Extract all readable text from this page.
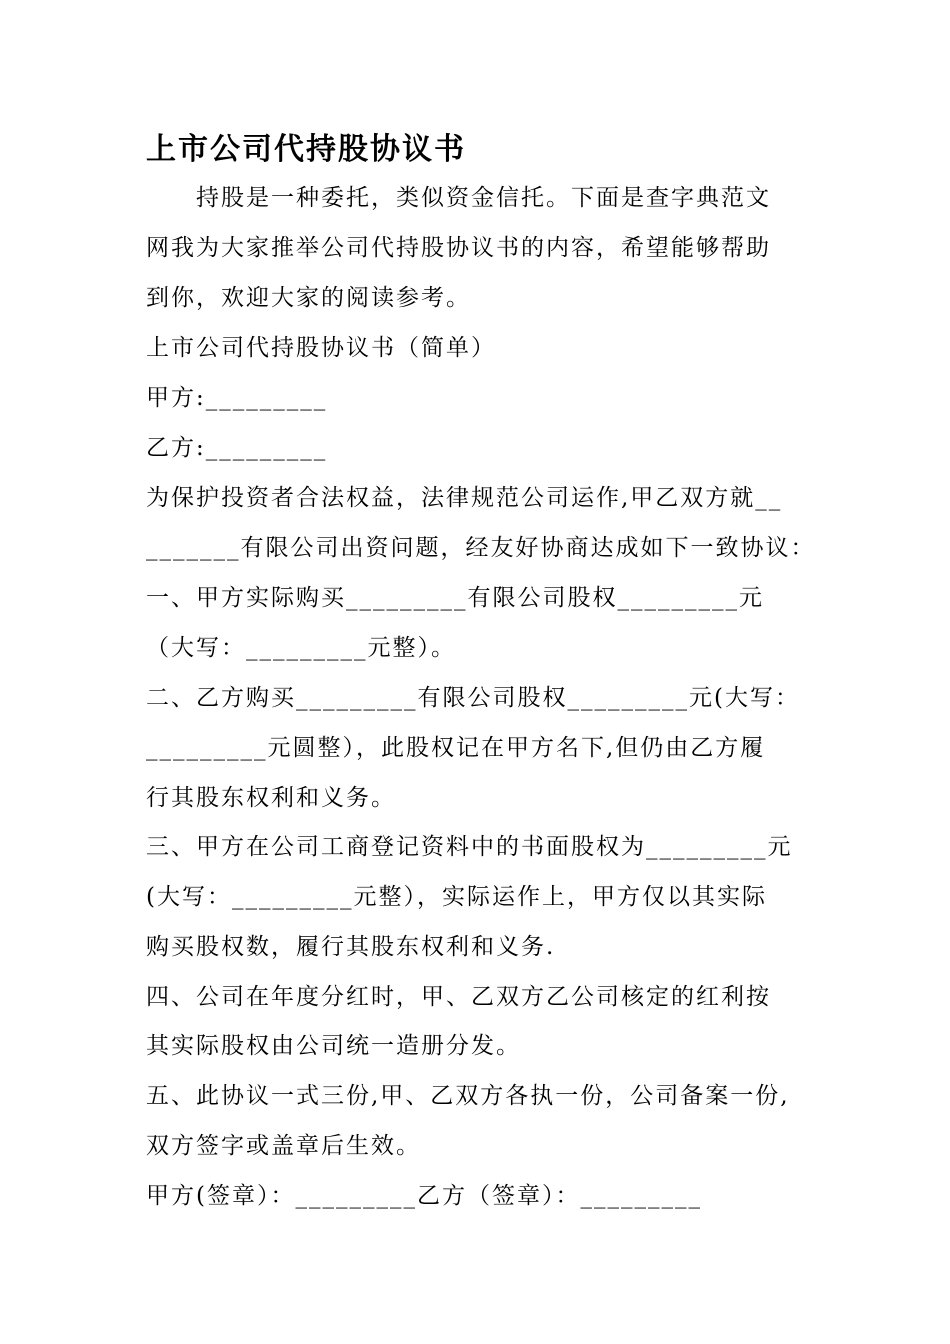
上市公司代持股协议书
　　持股是一种委托，类似资金信托。下面是查字典范文
网我为大家推举公司代持股协议书的内容，希望能够帮助
到你，欢迎大家的阅读参考。
上市公司代持股协议书（简单）
甲方:_________
乙方:_________
为保护投资者合法权益，法律规范公司运作,甲乙双方就__
_______有限公司出资问题，经友好协商达成如下一致协议：
一、甲方实际购买_________有限公司股权_________元
（大写：_________元整）。
二、乙方购买_________有限公司股权_________元(大写：
_________元圆整），此股权记在甲方名下,但仍由乙方履
行其股东权利和义务。
三、甲方在公司工商登记资料中的书面股权为_________元
(大写：_________元整），实际运作上，甲方仅以其实际
购买股权数，履行其股东权利和义务.
四、公司在年度分红时，甲、乙双方乙公司核定的红利按
其实际股权由公司统一造册分发。
五、此协议一式三份,甲、乙双方各执一份，公司备案一份,
双方签字或盖章后生效。
甲方(签章）：_________乙方（签章）：_________
